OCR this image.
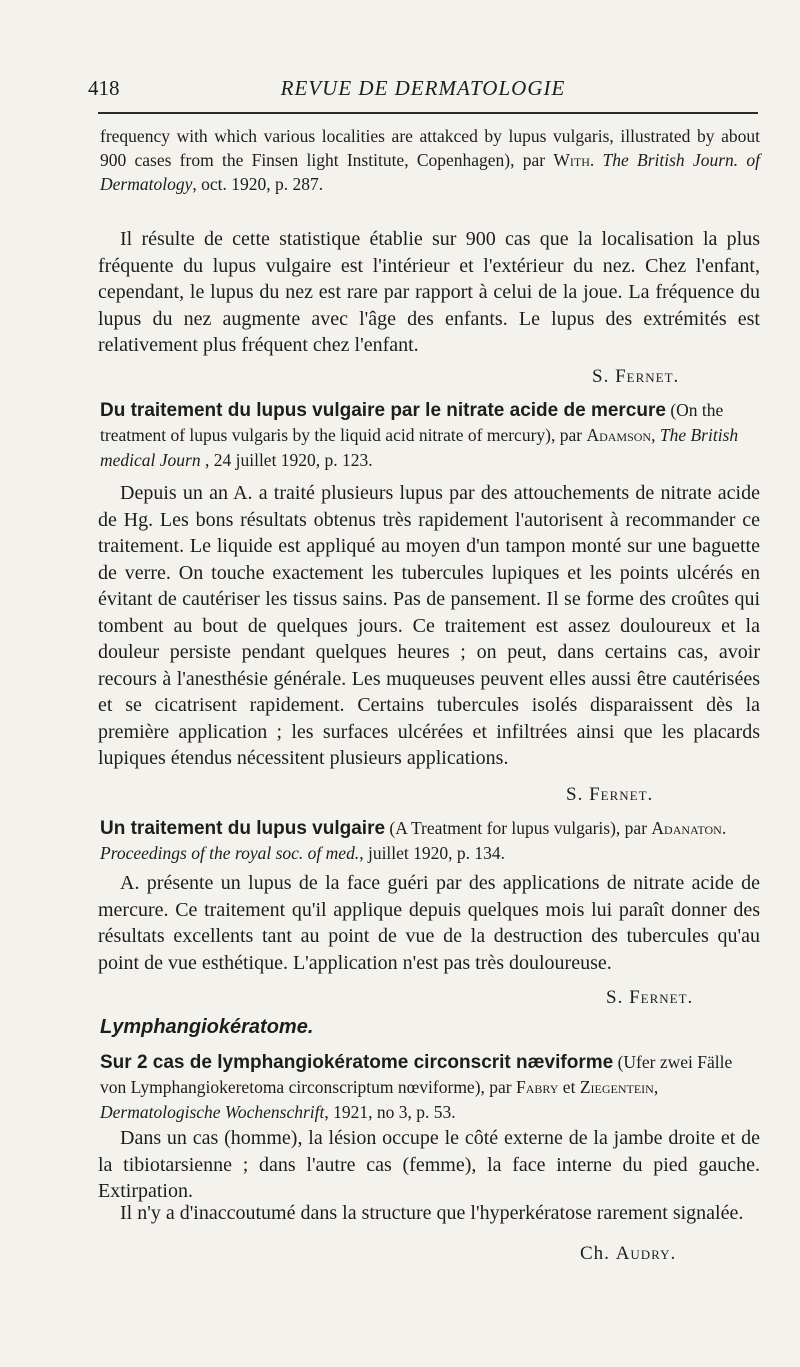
418	REVUE DE DERMATOLOGIE
frequency with which various localities are attakced by lupus vulgaris, illustrated by about 900 cases from the Finsen light Institute, Copenhagen), par With. The British Journ. of Dermatology, oct. 1920, p. 287.
Il résulte de cette statistique établie sur 900 cas que la localisation la plus fréquente du lupus vulgaire est l'intérieur et l'extérieur du nez. Chez l'enfant, cependant, le lupus du nez est rare par rapport à celui de la joue. La fréquence du lupus du nez augmente avec l'âge des enfants. Le lupus des extrémités est relativement plus fréquent chez l'enfant.
S. Fernet.
Du traitement du lupus vulgaire par le nitrate acide de mercure (On the treatment of lupus vulgaris by the liquid acid nitrate of mercury), par Adamson, The British medical Journ , 24 juillet 1920, p. 123.
Depuis un an A. a traité plusieurs lupus par des attouchements de nitrate acide de Hg. Les bons résultats obtenus très rapidement l'autorisent à recommander ce traitement. Le liquide est appliqué au moyen d'un tampon monté sur une baguette de verre. On touche exactement les tubercules lupiques et les points ulcérés en évitant de cautériser les tissus sains. Pas de pansement. Il se forme des croûtes qui tombent au bout de quelques jours. Ce traitement est assez douloureux et la douleur persiste pendant quelques heures ; on peut, dans certains cas, avoir recours à l'anesthésie générale. Les muqueuses peuvent elles aussi être cautérisées et se cicatrisent rapidement. Certains tubercules isolés disparaissent dès la première application ; les surfaces ulcérées et infiltrées ainsi que les placards lupiques étendus nécessitent plusieurs applications.
S. Fernet.
Un traitement du lupus vulgaire (A Treatment for lupus vulgaris), par Adanaton. Proceedings of the royal soc. of med., juillet 1920, p. 134.
A. présente un lupus de la face guéri par des applications de nitrate acide de mercure. Ce traitement qu'il applique depuis quelques mois lui paraît donner des résultats excellents tant au point de vue de la destruction des tubercules qu'au point de vue esthétique. L'application n'est pas très douloureuse.
S. Fernet.
Lymphangiokératome.
Sur 2 cas de lymphangiokératome circonscrit næviforme (Ufer zwei Fälle von Lymphangiokeretoma circonscriptum nœviforme), par Fabry et Ziegentein, Dermatologische Wochenschrift, 1921, no 3, p. 53.
Dans un cas (homme), la lésion occupe le côté externe de la jambe droite et de la tibiotarsienne ; dans l'autre cas (femme), la face interne du pied gauche. Extirpation.
Il n'y a d'inaccoutumé dans la structure que l'hyperkératose rarement signalée.
Ch. Audry.
